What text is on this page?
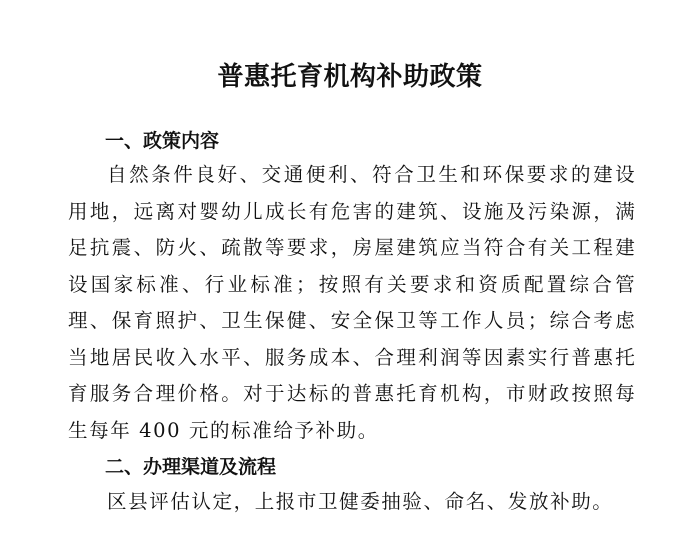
普惠托育机构补助政策
一、政策内容
自 然 条 件 良 好 、 交 通 便 利 、 符 合 卫 生 和 环 保 要 求 的 建 设
用 地 ， 远 离 对 婴 幼 儿 成 长 有 危 害 的 建 筑 、 设 施 及 污 染 源 ， 满
足 抗 震 、 防 火 、 疏 散 等 要 求 ， 房 屋 建 筑 应 当 符 合 有 关 工 程 建
设 国 家 标 准 、 行 业 标 准 ； 按 照 有 关 要 求 和 资 质 配 置 综 合 管
理 、 保 育 照 护 、 卫 生 保 健 、 安 全 保 卫 等 工 作 人 员 ； 综 合 考 虑
当 地 居 民 收 入 水 平 、 服 务 成 本 、 合 理 利 润 等 因 素 实 行 普 惠 托
育 服 务 合 理 价 格 。 对 于 达 标 的 普 惠 托 育 机 构 ， 市 财 政 按 照 每
生每年 400 元的标准给予补助。
二、办理渠道及流程
区县评估认定，上报市卫健委抽验、命名、发放补助。
